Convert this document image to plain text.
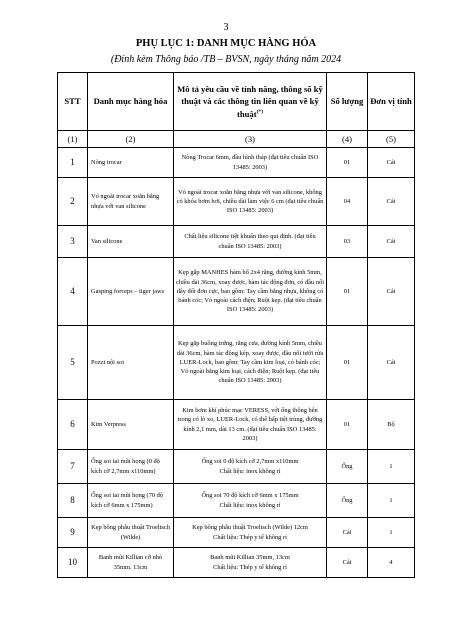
3
PHỤ LỤC 1: DANH MỤC HÀNG HÓA
(Đính kèm Thông báo /TB – BVSN, ngày tháng năm 2024
STT	Danh mục hàng hóa	Mô tả yêu cầu về tính năng, thông số kỹ thuật và các thông tin liên quan về kỹ thuật(*)	Số lượng	Đơn vị tính
(1)	(2)	(3)	(4)	(5)
1	Nòng trocar	Nòng Trocar 6mm, đầu hình tháp (đạt tiêu chuẩn ISO 13485: 2003)	01	Cái
2	Vỏ ngoài trocar xoắn bằng nhựa với van silicone	Vỏ ngoài trocar xoắn bằng nhựa với van silicone, không có khóa bơm hơi, chiều dài làm việc 6 cm (đạt tiêu chuẩn ISO 13485: 2003)	04	Cái
3	Van silicone	Chất liệu silicone tiệt khuẩn theo qui định. (đạt tiêu chuẩn ISO 13485: 2003)	03	Cái
4	Gasping forceps – tiger jaws	Kẹp gắp MANHES hàm hố 2x4 răng, đường kính 5mm, chiều dài 36cm, xoay được, hàm tác động đơn, có đầu nối dây đốt đơn cực, bao gồm: Tay cầm bằng nhựa, không có bánh cóc; Vỏ ngoài cách điện; Ruột kẹp. (đạt tiêu chuẩn ISO 13485: 2003)	01	Cái
5	Pozzi nội soi	Kẹp gắp buồng trứng, răng cưa, đường kính 5mm, chiều dài 36cm, hàm tác động kép, xoay được, đầu nối tưới rửa LUER-Lock, bao gồm: Tay cầm kim loại, có bánh cóc; Vỏ ngoài bằng kim loại, cách điện; Ruột kẹp. (đạt tiêu chuẩn ISO 13485: 2003)	01	Cái
6	Kim Verpress	Kim bơm khí phúc mạc VERESS, với ống thông bên trong có lò xo, LUER-Lock, có thể hấp tiệt trùng, đường kính 2,1 mm, dài 13 cm. (đạt tiêu chuẩn ISO 13485: 2003)	01	Bộ
7	Ống soi tai mũi họng (0 độ kích cỡ 2,7mm x110mm)	Ống soi 0 độ kích cỡ 2,7mm x110mm
Chất liệu: inox không rỉ	Ống	1
8	Ống soi tai mũi họng (70 độ kích cỡ 6mm x 175mm)	Ống soi 70 độ kích cỡ 6mm x 175mm
Chất liệu: inox không rỉ	Ống	1
9	Kẹp bông phẫu thuật Troeltsch (Wilde)	Kẹp bông phẫu thuật Troeltsch (Wilde) 12cm
Chất liệu: Thép y tế không rỉ	Cái	1
10	Banh mũi Killian cỡ nhỏ 35mm. 13cm	Banh mũi Killian 35mm, 13cm
Chất liệu: Thép y tế không rỉ	Cái	4
